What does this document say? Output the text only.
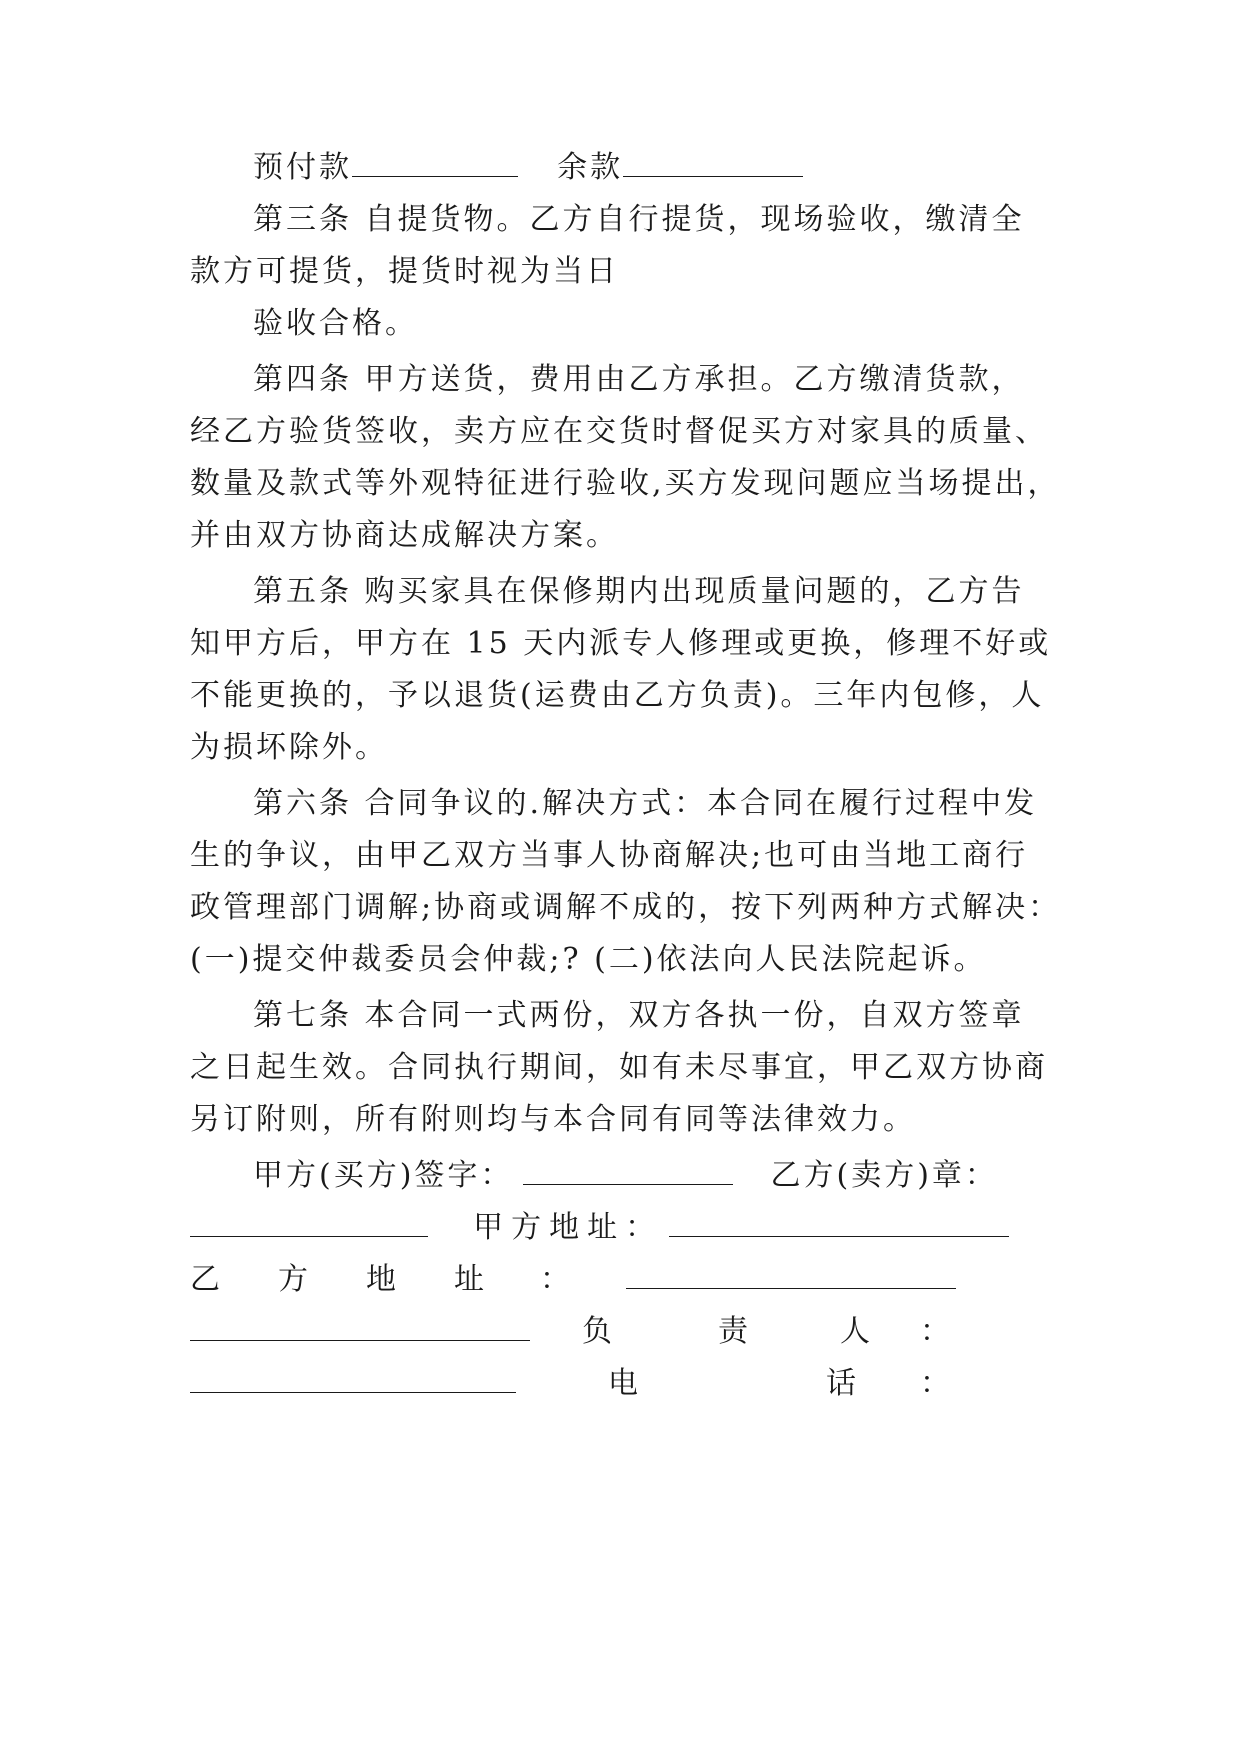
预付款	余款
第三条 自提货物。乙方自行提货，现场验收，缴清全
款方可提货，提货时视为当日
验收合格。
第四条 甲方送货，费用由乙方承担。乙方缴清货款，
经乙方验货签收，卖方应在交货时督促买方对家具的质量、
数量及款式等外观特征进行验收,买方发现问题应当场提出，
并由双方协商达成解决方案。
第五条 购买家具在保修期内出现质量问题的，乙方告
知甲方后，甲方在 15 天内派专人修理或更换，修理不好或
不能更换的，予以退货(运费由乙方负责)。三年内包修，人
为损坏除外。
第六条 合同争议的.解决方式：本合同在履行过程中发
生的争议，由甲乙双方当事人协商解决;也可由当地工商行
政管理部门调解;协商或调解不成的，按下列两种方式解决：
(一)提交仲裁委员会仲裁;? (二)依法向人民法院起诉。
第七条 本合同一式两份，双方各执一份，自双方签章
之日起生效。合同执行期间，如有未尽事宜，甲乙双方协商
另订附则，所有附则均与本合同有同等法律效力。
甲方(买方)签字：	乙方(卖方)章：
甲方地址：
乙 方 地 址 ：
负	责	人 ：
电	话 ：
